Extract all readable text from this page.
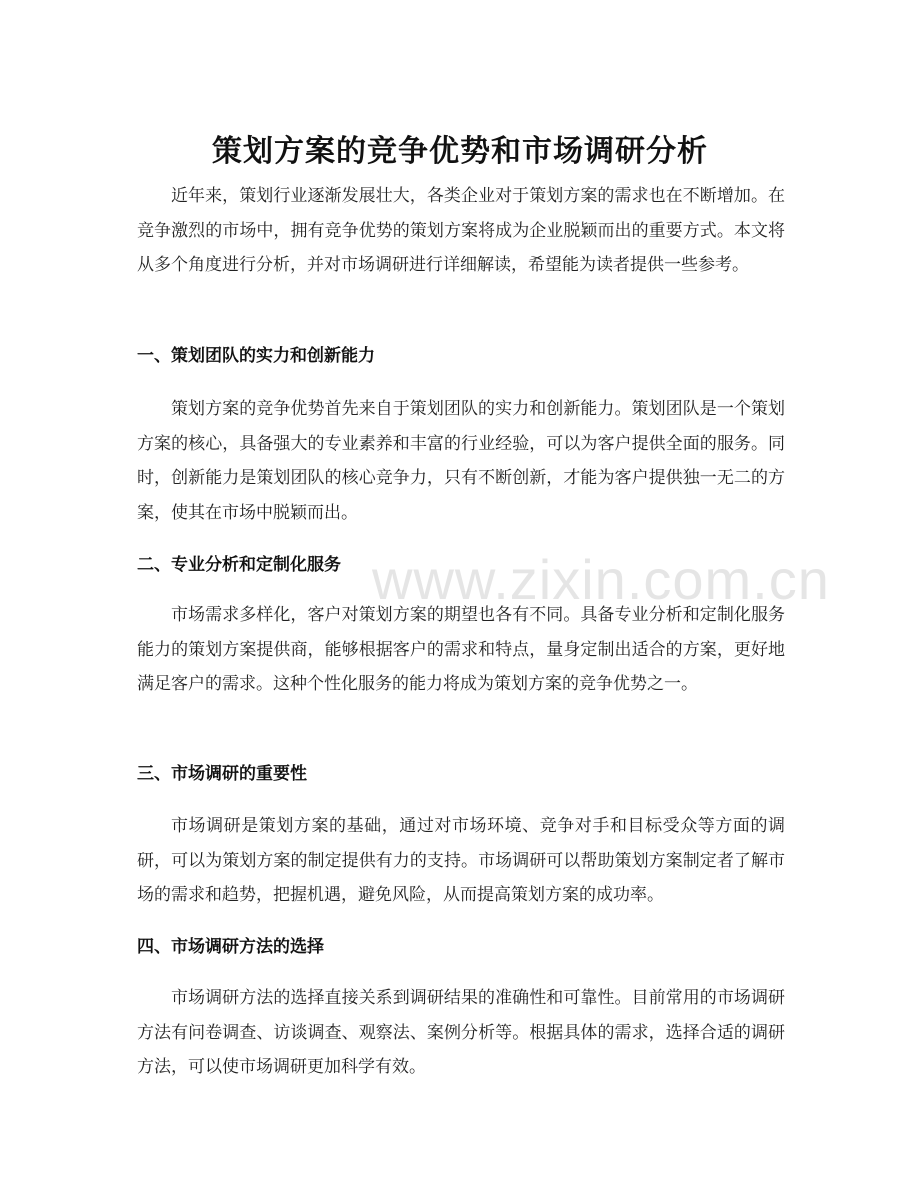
策划方案的竞争优势和市场调研分析

近年来，策划行业逐渐发展壮大，各类企业对于策划方案的需求也在不断增加。在竞争激烈的市场中，拥有竞争优势的策划方案将成为企业脱颖而出的重要方式。本文将从多个角度进行分析，并对市场调研进行详细解读，希望能为读者提供一些参考。

一、策划团队的实力和创新能力

策划方案的竞争优势首先来自于策划团队的实力和创新能力。策划团队是一个策划方案的核心，具备强大的专业素养和丰富的行业经验，可以为客户提供全面的服务。同时，创新能力是策划团队的核心竞争力，只有不断创新，才能为客户提供独一无二的方案，使其在市场中脱颖而出。

二、专业分析和定制化服务

市场需求多样化，客户对策划方案的期望也各有不同。具备专业分析和定制化服务能力的策划方案提供商，能够根据客户的需求和特点，量身定制出适合的方案，更好地满足客户的需求。这种个性化服务的能力将成为策划方案的竞争优势之一。

三、市场调研的重要性

市场调研是策划方案的基础，通过对市场环境、竞争对手和目标受众等方面的调研，可以为策划方案的制定提供有力的支持。市场调研可以帮助策划方案制定者了解市场的需求和趋势，把握机遇，避免风险，从而提高策划方案的成功率。

四、市场调研方法的选择

市场调研方法的选择直接关系到调研结果的准确性和可靠性。目前常用的市场调研方法有问卷调查、访谈调查、观察法、案例分析等。根据具体的需求，选择合适的调研方法，可以使市场调研更加科学有效。

www.zixin.com.cn
